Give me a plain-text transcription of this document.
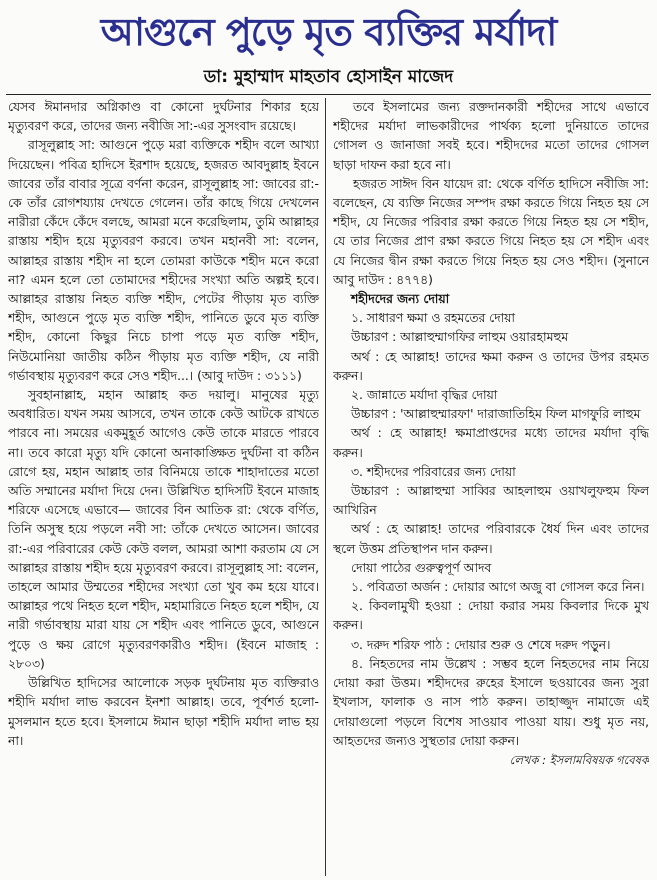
আগুনে পুড়ে মৃত ব্যক্তির মর্যাদা
ডা: মুহাম্মাদ মাহতাব হোসাইন মাজেদ

যেসব ঈমানদার অগ্নিকাণ্ড বা কোনো দুর্ঘটনার শিকার হয়ে মৃত্যুবরণ করে, তাদের জন্য নবীজি সা:-এর সুসংবাদ রয়েছে।

রাসূলুল্লাহ সা: আগুনে পুড়ে মরা ব্যক্তিকে শহীদ বলে আখ্যা দিয়েছেন। পবিত্র হাদিসে ইরশাদ হয়েছে, হজরত আবদুল্লাহ ইবনে জাবের তাঁর বাবার সূত্রে বর্ণনা করেন, রাসূলুল্লাহ সা: জাবের রা:-কে তাঁর রোগশয্যায় দেখতে গেলেন। তাঁর কাছে গিয়ে দেখলেন নারীরা কেঁদে কেঁদে বলছে, আমরা মনে করেছিলাম, তুমি আল্লাহর রাস্তায় শহীদ হয়ে মৃত্যুবরণ করবে। তখন মহানবী সা: বলেন, আল্লাহর রাস্তায় শহীদ না হলে তোমরা কাউকে শহীদ মনে করো না? এমন হলে তো তোমাদের শহীদের সংখ্যা অতি অল্পই হবে। আল্লাহর রাস্তায় নিহত ব্যক্তি শহীদ, পেটের পীড়ায় মৃত ব্যক্তি শহীদ, আগুনে পুড়ে মৃত ব্যক্তি শহীদ, পানিতে ডুবে মৃত ব্যক্তি শহীদ, কোনো কিছুর নিচে চাপা পড়ে মৃত ব্যক্তি শহীদ, নিউমোনিয়া জাতীয় কঠিন পীড়ায় মৃত ব্যক্তি শহীদ, যে নারী গর্ভাবস্থায় মৃত্যুবরণ করে সেও শহীদ...। (আবু দাউদ : ৩১১১)

সুবহানাল্লাহ, মহান আল্লাহ কত দয়ালু। মানুষের মৃত্যু অবধারিত। যখন সময় আসবে, তখন তাকে কেউ আটকে রাখতে পারবে না। সময়ের একমুহূর্ত আগেও কেউ তাকে মারতে পারবে না। তবে কারো মৃত্যু যদি কোনো অনাকাঙ্ক্ষিত দুর্ঘটনা বা কঠিন রোগে হয়, মহান আল্লাহ তার বিনিময়ে তাকে শাহাদাতের মতো অতি সম্মানের মর্যাদা দিয়ে দেন। উল্লিখিত হাদিসটি ইবনে মাজাহ শরিফে এসেছে এভাবে— জাবের বিন আতিক রা: থেকে বর্ণিত, তিনি অসুস্থ হয়ে পড়লে নবী সা: তাঁকে দেখতে আসেন। জাবের রা:-এর পরিবারের কেউ কেউ বলল, আমরা আশা করতাম যে সে আল্লাহর রাস্তায় শহীদ হয়ে মৃত্যুবরণ করবে। রাসূলুল্লাহ সা: বলেন, তাহলে আমার উম্মতের শহীদের সংখ্যা তো খুব কম হয়ে যাবে। আল্লাহর পথে নিহত হলে শহীদ, মহামারিতে নিহত হলে শহীদ, যে নারী গর্ভাবস্থায় মারা যায় সে শহীদ এবং পানিতে ডুবে, আগুনে পুড়ে ও ক্ষয় রোগে মৃত্যুবরণকারীও শহীদ। (ইবনে মাজাহ : ২৮০৩)

উল্লিখিত হাদিসের আলোকে সড়ক দুর্ঘটনায় মৃত ব্যক্তিরাও শহীদি মর্যাদা লাভ করবেন ইনশা আল্লাহ। তবে, পূর্বশর্ত হলো- মুসলমান হতে হবে। ইসলামে ঈমান ছাড়া শহীদি মর্যাদা লাভ হয় না।

তবে ইসলামের জন্য রক্তদানকারী শহীদের সাথে এভাবে শহীদের মর্যাদা লাভকারীদের পার্থক্য হলো দুনিয়াতে তাদের গোসল ও জানাজা সবই হবে। শহীদদের মতো তাদের গোসল ছাড়া দাফন করা হবে না।

হজরত সাঈদ বিন যায়েদ রা: থেকে বর্ণিত হাদিসে নবীজি সা: বলেছেন, যে ব্যক্তি নিজের সম্পদ রক্ষা করতে গিয়ে নিহত হয় সে শহীদ, যে নিজের পরিবার রক্ষা করতে গিয়ে নিহত হয় সে শহীদ, যে তার নিজের প্রাণ রক্ষা করতে গিয়ে নিহত হয় সে শহীদ এবং যে নিজের দ্বীন রক্ষা করতে গিয়ে নিহত হয় সেও শহীদ। (সুনানে আবু দাউদ : ৪৭৭৪)

শহীদদের জন্য দোয়া

১. সাধারণ ক্ষমা ও রহমতের দোয়া

উচ্চারণ : আল্লাহুম্মাগফির লাহুম ওয়ারহামহুম

অর্থ : হে আল্লাহ! তাদের ক্ষমা করুন ও তাদের উপর রহমত করুন।

২. জান্নাতে মর্যাদা বৃদ্ধির দোয়া

উচ্চারণ : 'আল্লাহুম্মারফা' দারাজাতিহিম ফিল মাগফুরি লাহুম

অর্থ : হে আল্লাহ! ক্ষমাপ্রাপ্তদের মধ্যে তাদের মর্যাদা বৃদ্ধি করুন।

৩. শহীদদের পরিবারের জন্য দোয়া

উচ্চারণ : আল্লাহুম্মা সাব্বির আহলাহুম ওয়াখলুফহুম ফিল আখিরিন

অর্থ : হে আল্লাহ! তাদের পরিবারকে ধৈর্য দিন এবং তাদের স্থলে উত্তম প্রতিস্থাপন দান করুন।

দোয়া পাঠের গুরুত্বপূর্ণ আদব

১. পবিত্রতা অর্জন : দোয়ার আগে অজু বা গোসল করে নিন।

২. কিবলামুখী হওয়া : দোয়া করার সময় কিবলার দিকে মুখ করুন।

৩. দরুদ শরিফ পাঠ : দোয়ার শুরু ও শেষে দরুদ পড়ুন।

৪. নিহতদের নাম উল্লেখ : সম্ভব হলে নিহতদের নাম নিয়ে দোয়া করা উত্তম। শহীদদের রুহের ইসালে ছওয়াবের জন্য সুরা ইখলাস, ফালাক ও নাস পাঠ করুন। তাহাজ্জুদ নামাজে এই দোয়াগুলো পড়লে বিশেষ সাওয়াব পাওয়া যায়। শুধু মৃত নয়, আহতদের জন্যও সুস্থতার দোয়া করুন।

লেখক : ইসলামবিষয়ক গবেষক
